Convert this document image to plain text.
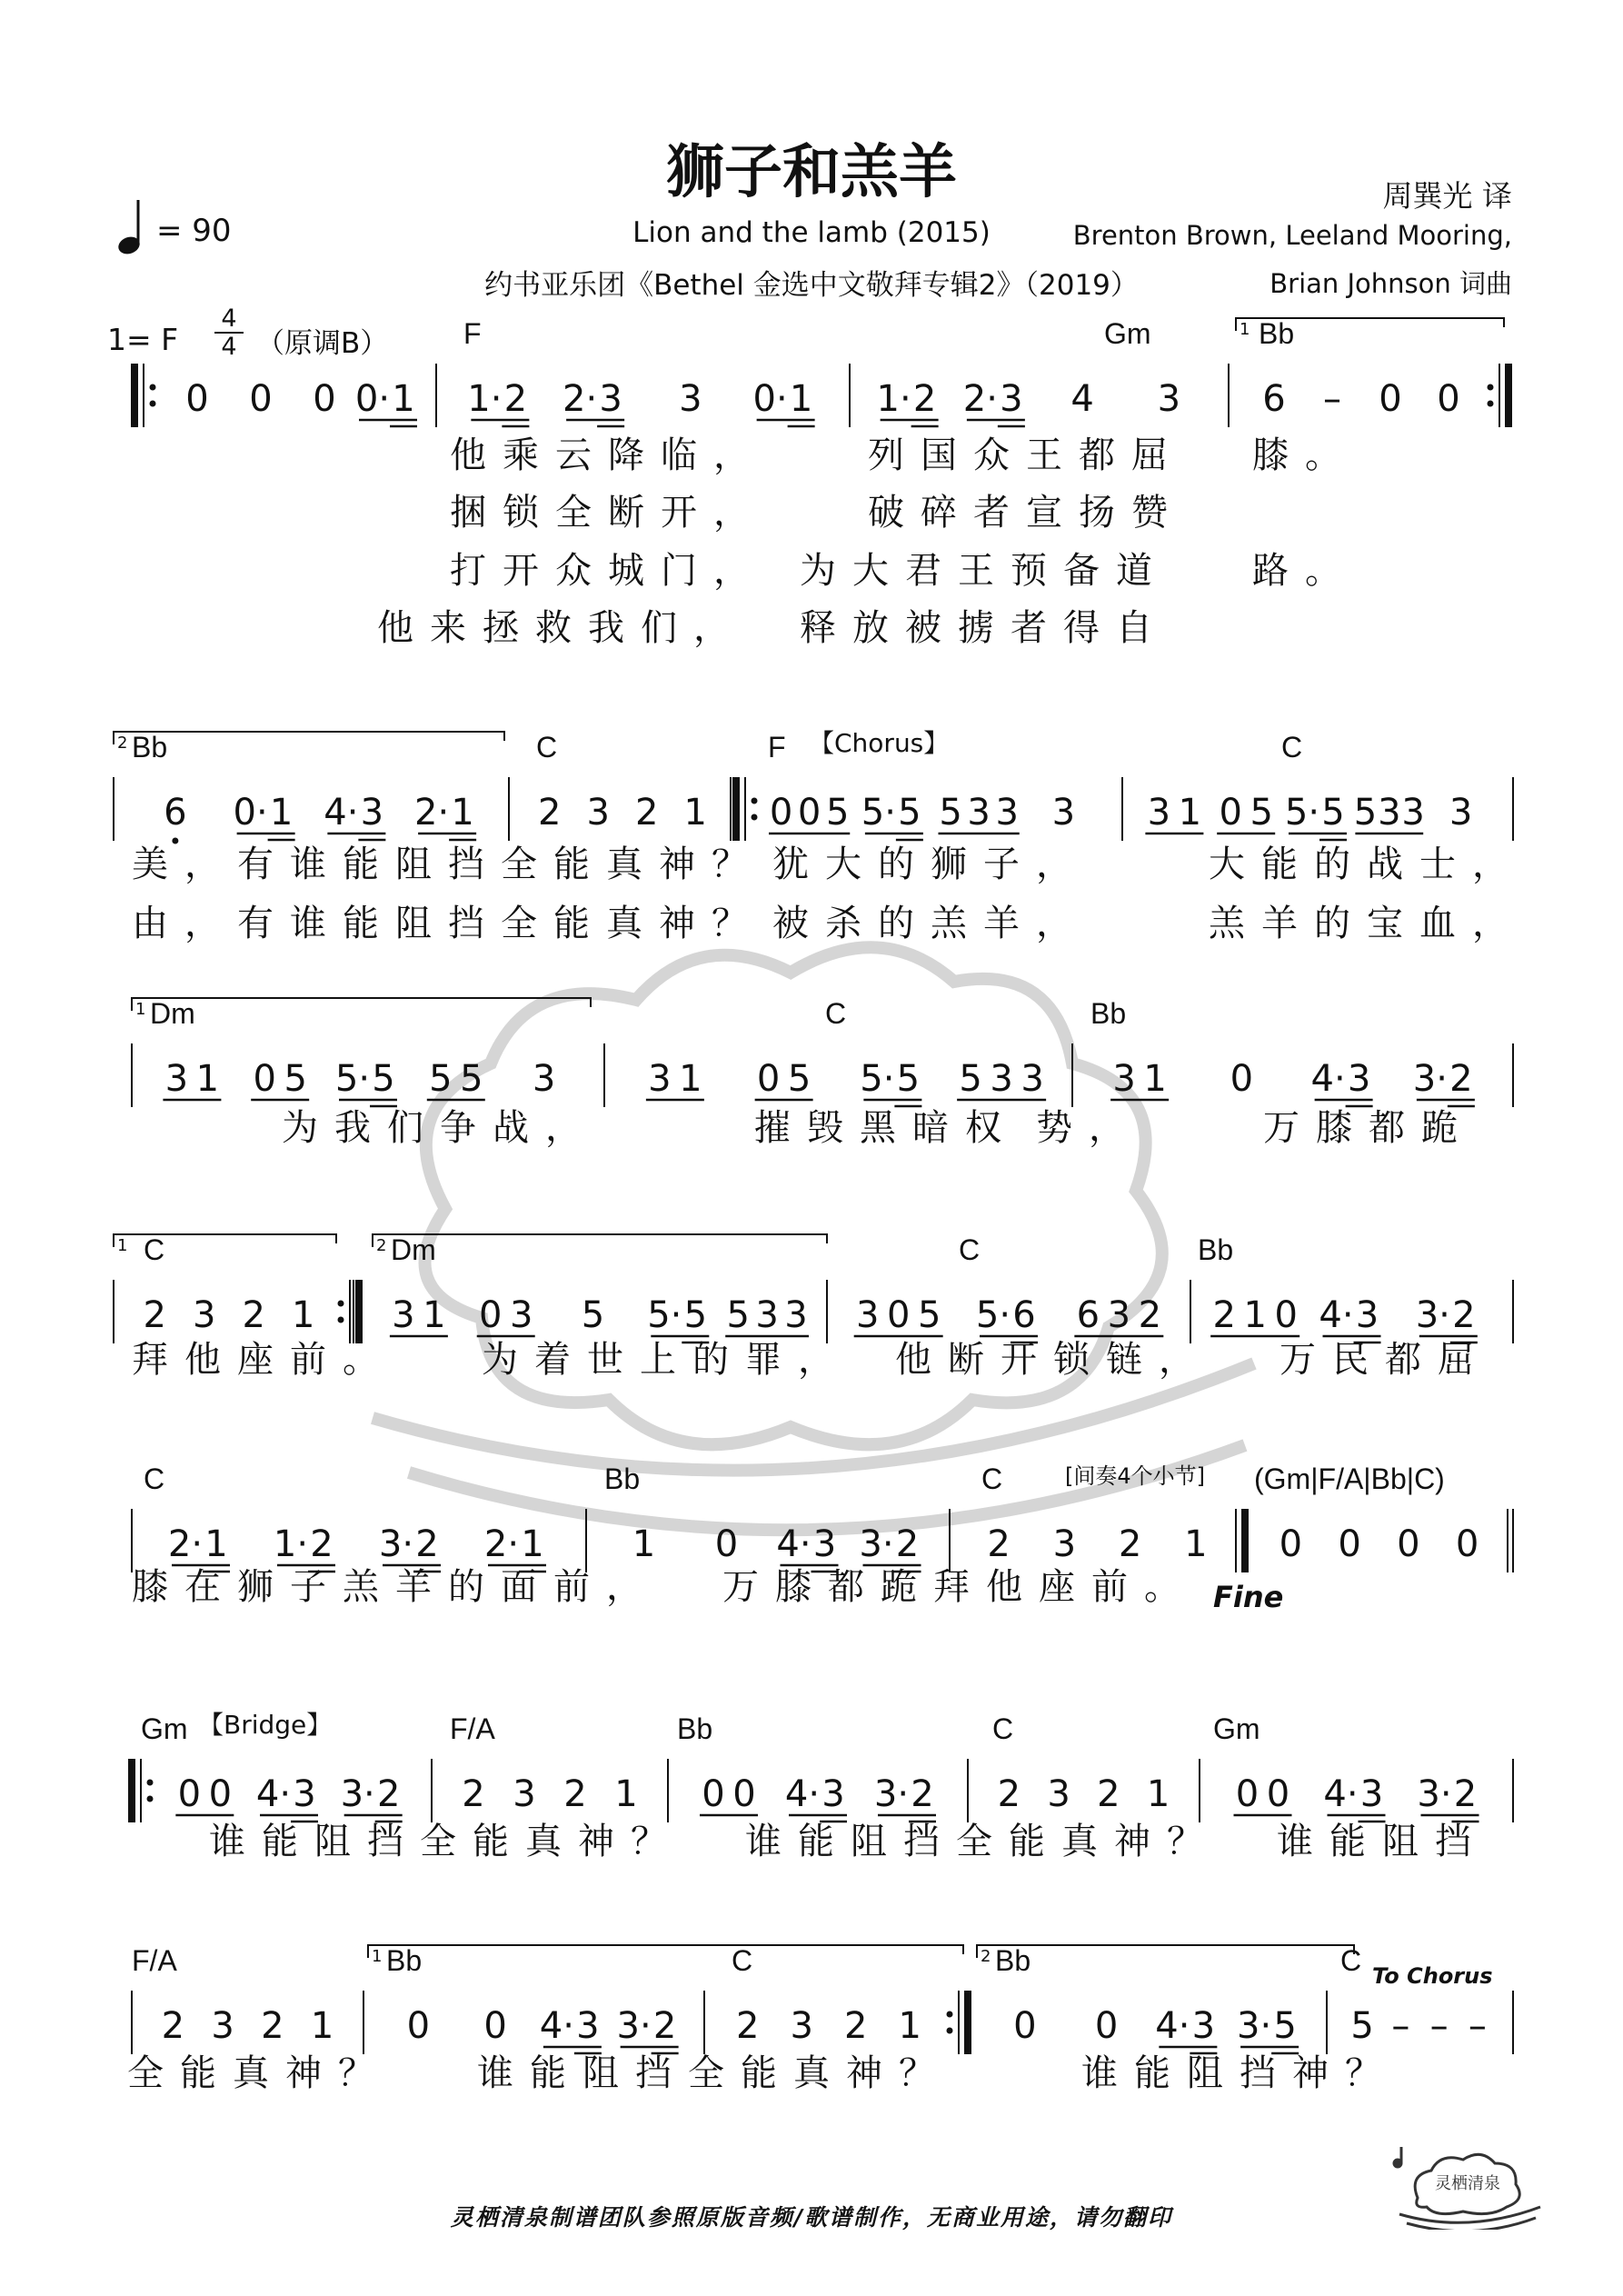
狮子和羔羊
Lion and the lamb (2015)
约书亚乐团《Bethel 金选中文敬拜专辑2》（2019）
周巽光 译
Brenton Brown, Leeland Mooring,
Brian Johnson 词曲
= 90
1= F
4
4 （原调B）	F	Gm	Bb
1
0 0 0 0· 1 1· 2 2· 3 3 0· 1 1· 2 2· 3 4 3 6 – 0 0
他乘云降临，	列国众王都屈 膝。
捆锁全断开，	破碎者宣扬赞
打开众城门， 为大君王预备道 路。
他来拯救我们， 释放被掳者得自
Bb	C	F	C
2	【Chorus】
6 0· 1 4· 3 2· 1 2 3 2 1 0 0 5 5· 5 5 3 3 3 3 1 0 5 5· 5 5 3 3 3
美，有谁能阻挡全能真神？ 犹大的狮子，	大能的战士，
由，有谁能阻挡全能真神？ 被杀的羔羊，	羔羊的宝血，
Dm	C	Bb
1
3 1 0 5 5· 5 5 5 3	3 1 0 5 5· 5 5 3 3 3 1 0 4· 3 3· 2
为我们争战，	摧毁黑暗权 势，	万膝都跪
C	Dm	C	Bb
1	2
2 3 2 1 3 1 0 3 5 5· 5 5 3 3 3 0 5 5· 6 6 3 2 2 1 0 4· 3 3· 2
拜他座前。 为着世上的罪， 他断开锁链， 万民都屈
C	Bb	C	(Gm|F/A|Bb|C)
[间奏4个小节]
2· 1 1· 2 3· 2 2· 1 1 0 4· 3 3· 2 2 3 2 1 0 0 0 0
Fine
膝在狮子羔羊的面前， 万膝都跪拜他座前。
Gm	F/A	Bb	C	Gm
【Bridge】
0 0 4· 3 3· 2 2 3 2 1 0 0 4· 3 3· 2 2 3 2 1 0 0 4· 3 3· 2
谁能阻挡全能真神？ 谁能阻挡全能真神？ 谁能阻挡
F/A	Bb	C	Bb	C
1	2
2 3 2 1 0 0 4· 3 3· 2 2 3 2 1	0 0 4· 3 3· 5 5 – – –
To Chorus
全能真神？ 谁能阻挡全能真神？	谁能阻挡神？
灵栖清泉制谱团队参照原版音频/歌谱制作，无商业用途，请勿翻印
灵栖清泉
